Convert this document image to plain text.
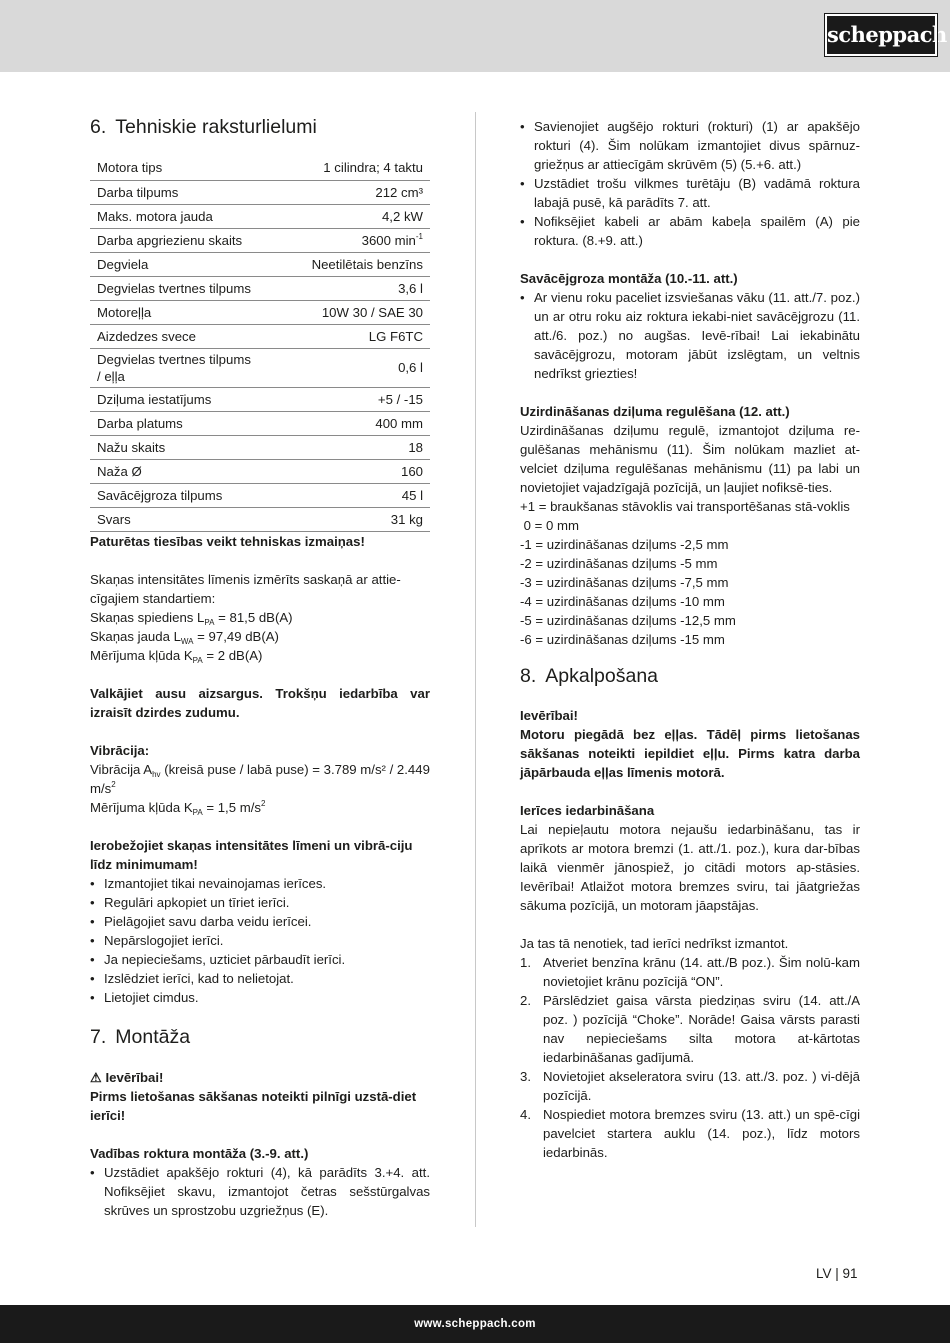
scheppach
6. Tehniskie raksturlielumi
Motora tips	1 cilindra; 4 taktu
Darba tilpums	212 cm³
Maks. motora jauda	4,2 kW
Darba apgriezienu skaits	3600 $\min^{-1}$
Degviela	Neetilētais benzīns
Degvielas tvertnes tilpums	3,6 l
Motoreļļa	10W 30 / SAE 30
Aizdedzes svece	LG F6TC
Degvielas tvertnes tilpums / eļļa	0,6 l
Dziļuma iestatījums	+5 / -15
Darba platums	400 mm
Nažu skaits	18
Naža Ø	160
Savācējgroza tilpums	45 l
Svars	31 kg

Paturētas tiesības veikt tehniskas izmaiņas!

Skaņas intensitātes līmenis izmērīts saskaņā ar attie-cīgajiem standartiem:

Skaņas spiediens $L_{PA} = 81,5$ dB(A)

Skaņas jauda $L_{WA} = 97,49$ dB(A)

Mērījuma kļūda $K_{PA} = 2$ dB(A)

Valkājiet ausu aizsargus. Trokšņu iedarbība var izraisīt dzirdes zudumu.

Vibrācija:

Vibrācija $A_{hv}$ (kreisā puse / labā puse) = 3.789 m/s² / 2.449 $m/s^2$

Mērījuma kļūda $K_{PA} = 1,5$ $m/s^2$

Ierobežojiet skaņas intensitātes līmeni un vibrā-ciju līdz minimumam!

• Izmantojiet tikai nevainojamas ierīces.
• Regulāri apkopiet un tīriet ierīci.
• Pielāgojiet savu darba veidu ierīcei.
• Nepārslogojiet ierīci.
• Ja nepieciešams, uzticiet pārbaudīt ierīci.
• Izslēdziet ierīci, kad to nelietojat.
• Lietojiet cimdus.
7. Montāža

⚠ Ievērībai!

Pirms lietošanas sākšanas noteikti pilnīgi uzstā-diet ierīci!

Vadības roktura montāža (3.-9. att.)

• Uzstādiet apakšējo rokturi (4), kā parādīts 3.+4. att. Nofiksējiet skavu, izmantojot četras sešstūrgalvas skrūves un sprostzobu uzgriežņus (E).
• Savienojiet augšējo rokturi (rokturi) (1) ar apakšējo rokturi (4). Šim nolūkam izmantojiet divus spārnuz-griežņus ar attiecīgām skrūvēm (5) (5.+6. att.)
• Uzstādiet trošu vilkmes turētāju (B) vadāmā roktura labajā pusē, kā parādīts 7. att.
• Nofiksējiet kabeli ar abām kabeļa spailēm (A) pie roktura. (8.+9. att.)

Savācējgroza montāža (10.-11. att.)

• Ar vienu roku paceliet izsviešanas vāku (11. att./7. poz.) un ar otru roku aiz roktura iekabi-niet savācējgrozu (11. att./6. poz.) no augšas. Ievē-rībai! Lai iekabinātu savācējgrozu, motoram jābūt izslēgtam, un veltnis nedrīkst griezties!

Uzirdināšanas dziļuma regulēšana (12. att.)

Uzirdināšanas dziļumu regulē, izmantojot dziļuma re-gulēšanas mehānismu (11). Šim nolūkam mazliet at-velciet dziļuma regulēšanas mehānismu (11) pa labi un novietojiet vajadzīgajā pozīcijā, un ļaujiet nofiksē-ties.

+1 = braukšanas stāvoklis vai transportēšanas stā-voklis

0 = 0 mm

-1 = uzirdināšanas dziļums -2,5 mm

-2 = uzirdināšanas dziļums -5 mm

-3 = uzirdināšanas dziļums -7,5 mm

-4 = uzirdināšanas dziļums -10 mm

-5 = uzirdināšanas dziļums -12,5 mm

-6 = uzirdināšanas dziļums -15 mm

8. Apkalpošana

Ievērībai!

Motoru piegādā bez eļļas. Tādēļ pirms lietošanas sākšanas noteikti iepildiet eļļu. Pirms katra darba jāpārbauda eļļas līmenis motorā.

Ierīces iedarbināšana

Lai nepieļautu motora nejaušu iedarbināšanu, tas ir aprīkots ar motora bremzi (1. att./1. poz.), kura dar-bības laikā vienmēr jānospiež, jo citādi motors ap-stāsies. Ievērībai! Atlaižot motora bremzes sviru, tai jāatgriežas sākuma pozīcijā, un motoram jāapstājas.

Ja tas tā nenotiek, tad ierīci nedrīkst izmantot.

1. Atveriet benzīna krānu (14. att./B poz.). Šim nolū-kam novietojiet krānu pozīcijā “ON”.
2. Pārslēdziet gaisa vārsta piedziņas sviru (14. att./A poz. ) pozīcijā “Choke”. Norāde! Gaisa vārsts parasti nav nepieciešams silta motora at-kārtotas iedarbināšanas gadījumā.
3. Novietojiet akseleratora sviru (13. att./3. poz. ) vi-dējā pozīcijā.
4. Nospiediet motora bremzes sviru (13. att.) un spē-cīgi pavelciet startera auklu (14. poz.), līdz motors iedarbinās.
LV | 91
www.scheppach.com
